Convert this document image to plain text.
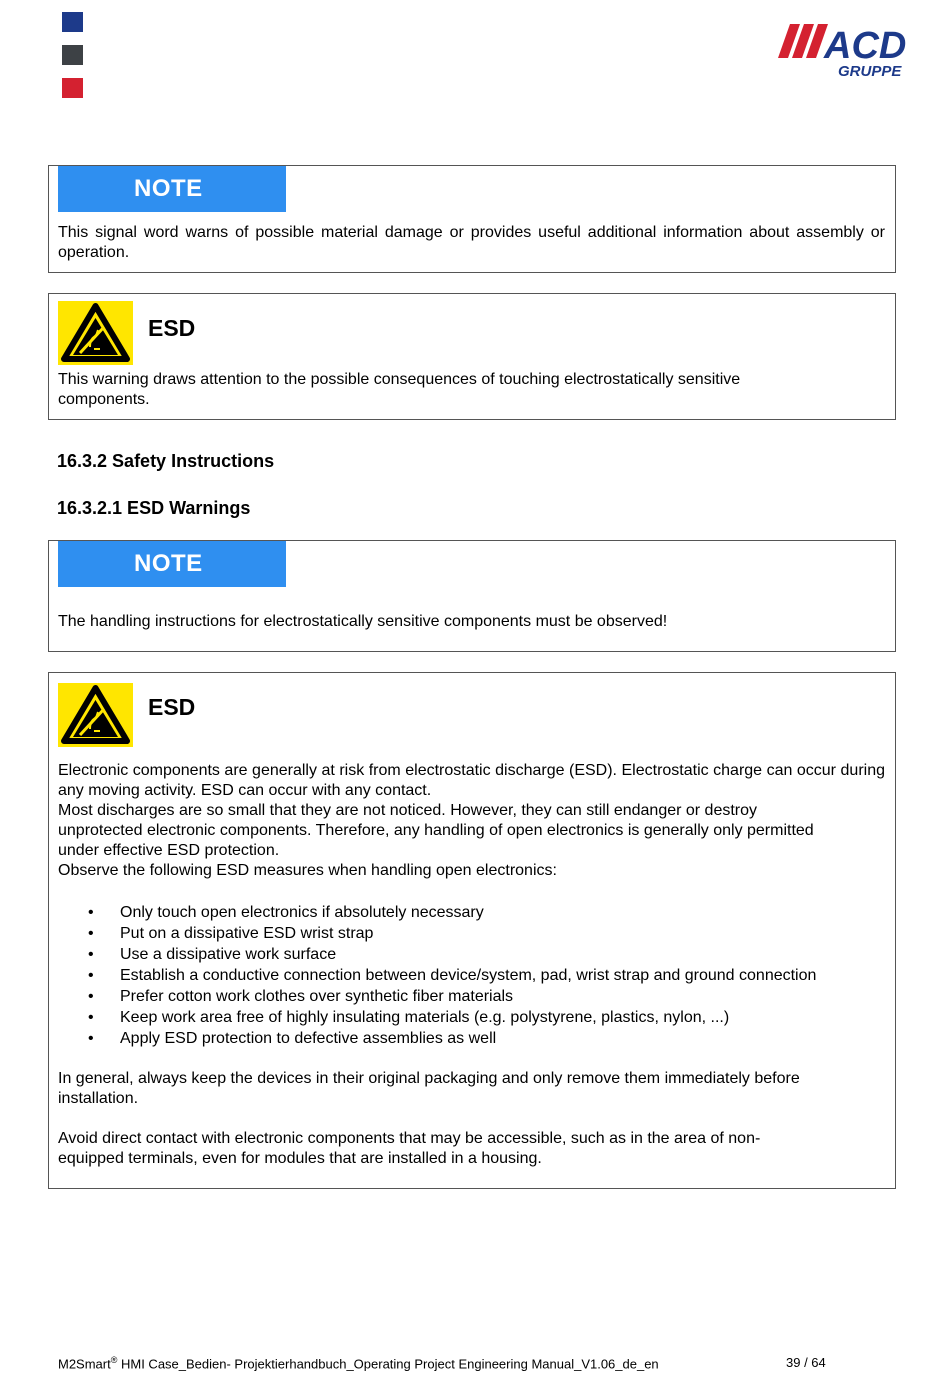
ACD
GRUPPE
NOTE
This signal word warns of possible material damage or provides useful additional information about assembly or operation.
ESD
This warning draws attention to the possible consequences of touching electrostatically sensitive
components.
16.3.2 Safety Instructions
16.3.2.1 ESD Warnings
NOTE
The handling instructions for electrostatically sensitive components must be observed!
ESD
Electronic components are generally at risk from electrostatic discharge (ESD). Electrostatic charge can occur during any moving activity. ESD can occur with any contact.
Most discharges are so small that they are not noticed. However, they can still endanger or destroy
unprotected electronic components. Therefore, any handling of open electronics is generally only permitted
under effective ESD protection.
Observe the following ESD measures when handling open electronics:
• Only touch open electronics if absolutely necessary
• Put on a dissipative ESD wrist strap
• Use a dissipative work surface
• Establish a conductive connection between device/system, pad, wrist strap and ground connection
• Prefer cotton work clothes over synthetic fiber materials
• Keep work area free of highly insulating materials (e.g. polystyrene, plastics, nylon, ...)
• Apply ESD protection to defective assemblies as well
In general, always keep the devices in their original packaging and only remove them immediately before
installation.
Avoid direct contact with electronic components that may be accessible, such as in the area of non-
equipped terminals, even for modules that are installed in a housing.
M2Smart® HMI Case_Bedien- Projektierhandbuch_Operating Project Engineering Manual_V1.06_de_en	39 / 64
